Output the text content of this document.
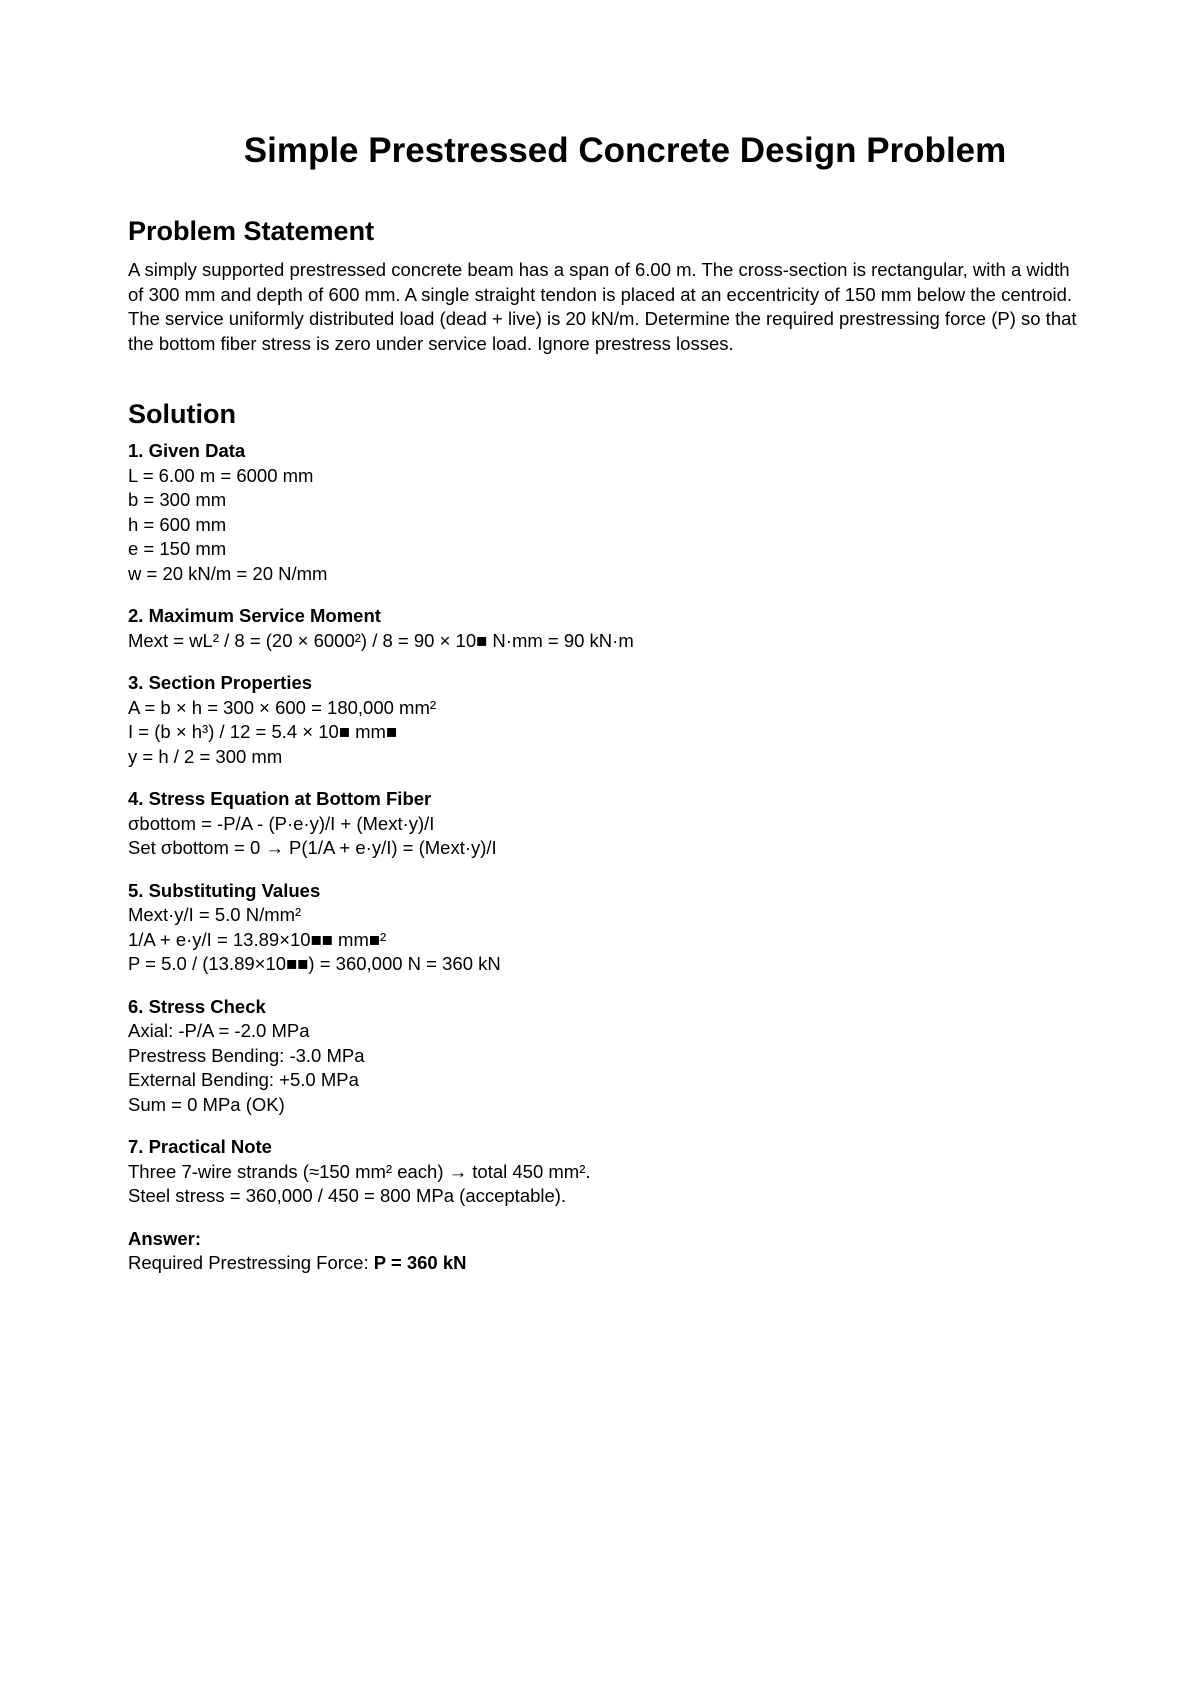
Simple Prestressed Concrete Design Problem
Problem Statement

A simply supported prestressed concrete beam has a span of 6.00 m. The cross-section is rectangular, with a width of 300 mm and depth of 600 mm. A single straight tendon is placed at an eccentricity of 150 mm below the centroid. The service uniformly distributed load (dead + live) is 20 kN/m. Determine the required prestressing force (P) so that the bottom fiber stress is zero under service load. Ignore prestress losses.

Solution
1. Given Data
L = 6.00 m = 6000 mm
b = 300 mm
h = 600 mm
e = 150 mm
w = 20 kN/m = 20 N/mm
2. Maximum Service Moment
Mext = wL² / 8 = (20 × 6000²) / 8 = 90 × 10■ N·mm = 90 kN·m
3. Section Properties
A = b × h = 300 × 600 = 180,000 mm²
I = (b × h³) / 12 = 5.4 × 10■ mm■
y = h / 2 = 300 mm
4. Stress Equation at Bottom Fiber
σbottom = -P/A - (P·e·y)/I + (Mext·y)/I
Set σbottom = 0 → P(1/A + e·y/I) = (Mext·y)/I
5. Substituting Values
Mext·y/I = 5.0 N/mm²
1/A + e·y/I = 13.89×10■■ mm■²
P = 5.0 / (13.89×10■■) = 360,000 N = 360 kN
6. Stress Check
Axial: -P/A = -2.0 MPa
Prestress Bending: -3.0 MPa
External Bending: +5.0 MPa
Sum = 0 MPa (OK)
7. Practical Note
Three 7-wire strands (≈150 mm² each) → total 450 mm².
Steel stress = 360,000 / 450 = 800 MPa (acceptable).
Answer:
Required Prestressing Force: P = 360 kN
